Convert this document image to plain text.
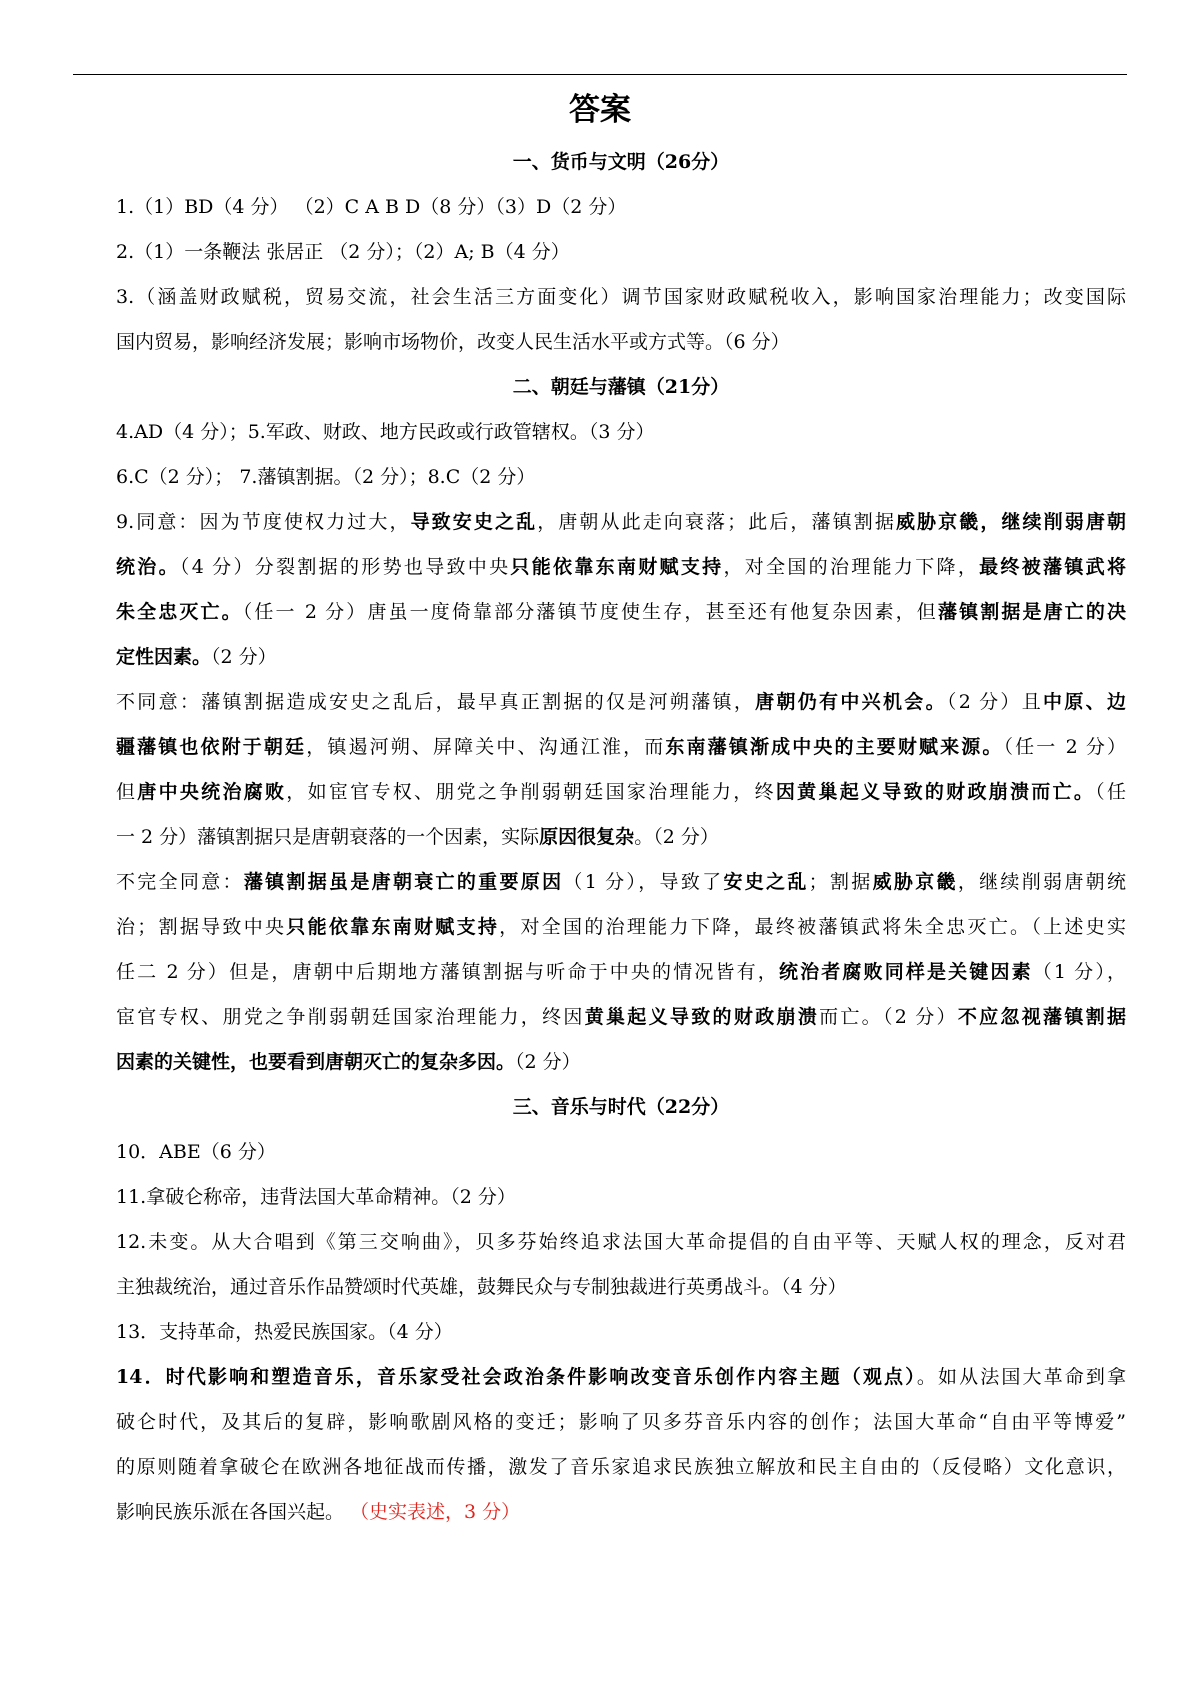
答案
一、货币与文明（26分）
1.（1）BD（4 分） （2）C A B D（8 分）（3）D（2 分）
2.（1）一条鞭法 张居正 （2 分）；（2）A; B（4 分）
3.（涵盖财政赋税，贸易交流，社会生活三方面变化）调节国家财政赋税收入，影响国家治理能力；改变国际
国内贸易，影响经济发展；影响市场物价，改变人民生活水平或方式等。（6 分）
二、朝廷与藩镇（21分）
4.AD（4 分）；5.军政、财政、地方民政或行政管辖权。（3 分）
6.C（2 分）； 7.藩镇割据。（2 分）；8.C（2 分）
9.同意：因为节度使权力过大，导致安史之乱，唐朝从此走向衰落；此后，藩镇割据威胁京畿，继续削弱唐朝
统治。（4 分）分裂割据的形势也导致中央只能依靠东南财赋支持，对全国的治理能力下降，最终被藩镇武将
朱全忠灭亡。（任一 2 分）唐虽一度倚靠部分藩镇节度使生存，甚至还有他复杂因素，但藩镇割据是唐亡的决
定性因素。（2 分）
不同意：藩镇割据造成安史之乱后，最早真正割据的仅是河朔藩镇，唐朝仍有中兴机会。（2 分）且中原、边
疆藩镇也依附于朝廷，镇遏河朔、屏障关中、沟通江淮，而东南藩镇渐成中央的主要财赋来源。（任一 2 分）
但唐中央统治腐败，如宦官专权、朋党之争削弱朝廷国家治理能力，终因黄巢起义导致的财政崩溃而亡。（任
一 2 分）藩镇割据只是唐朝衰落的一个因素，实际原因很复杂。（2 分）
不完全同意：藩镇割据虽是唐朝衰亡的重要原因（1 分），导致了安史之乱；割据威胁京畿，继续削弱唐朝统
治；割据导致中央只能依靠东南财赋支持，对全国的治理能力下降，最终被藩镇武将朱全忠灭亡。（上述史实
任二 2 分）但是，唐朝中后期地方藩镇割据与听命于中央的情况皆有，统治者腐败同样是关键因素（1 分），
宦官专权、朋党之争削弱朝廷国家治理能力，终因黄巢起义导致的财政崩溃而亡。（2 分）不应忽视藩镇割据
因素的关键性，也要看到唐朝灭亡的复杂多因。（2 分）
三、音乐与时代（22分）
10．ABE（6 分）
11.拿破仑称帝，违背法国大革命精神。（2 分）
12.未变。从大合唱到《第三交响曲》，贝多芬始终追求法国大革命提倡的自由平等、天赋人权的理念，反对君
主独裁统治，通过音乐作品赞颂时代英雄，鼓舞民众与专制独裁进行英勇战斗。（4 分）
13．支持革命，热爱民族国家。（4 分）
14．时代影响和塑造音乐，音乐家受社会政治条件影响改变音乐创作内容主题（观点）。如从法国大革命到拿
破仑时代，及其后的复辟，影响歌剧风格的变迁；影响了贝多芬音乐内容的创作；法国大革命“自由平等博爱”
的原则随着拿破仑在欧洲各地征战而传播，激发了音乐家追求民族独立解放和民主自由的（反侵略）文化意识，
影响民族乐派在各国兴起。 （史实表述，3 分）
